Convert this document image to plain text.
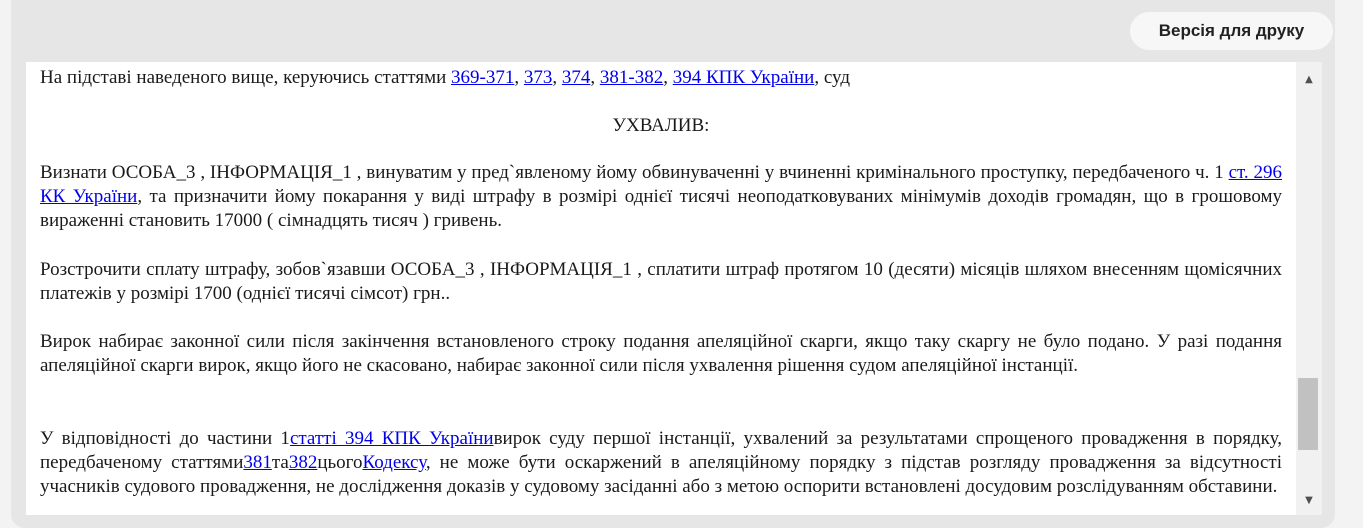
Версія для друку

На підставі наведеного вище, керуючись статтями 369-371, 373, 374, 381-382, 394 КПК України, суд

УХВАЛИВ:

Визнати ОСОБА_3 , ІНФОРМАЦІЯ_1 , винуватим у пред`явленому йому обвинуваченні у вчиненні кримінального проступку, передбаченого ч. 1 ст. 296 КК України, та призначити йому покарання у виді штрафу в розмірі однієї тисячі неоподатковуваних мінімумів доходів громадян, що в грошовому вираженні становить 17000 ( сімнадцять тисяч ) гривень.

Розстрочити сплату штрафу, зобов`язавши ОСОБА_3 , ІНФОРМАЦІЯ_1 , сплатити штраф протягом 10 (десяти) місяців шляхом внесенням щомісячних платежів у розмірі 1700 (однієї тисячі сімсот) грн..

Вирок набирає законної сили після закінчення встановленого строку подання апеляційної скарги, якщо таку скаргу не було подано. У разі подання апеляційної скарги вирок, якщо його не скасовано, набирає законної сили після ухвалення рішення судом апеляційної інстанції.

У відповідності до частини 1статті 394 КПК Українивирок суду першої інстанції, ухвалений за результатами спрощеного провадження в порядку, передбаченому статтями381та382цьогоКодексу, не може бути оскаржений в апеляційному порядку з підстав розгляду провадження за відсутності учасників судового провадження, не дослідження доказів у судовому засіданні або з метою оспорити встановлені досудовим розслідуванням обставини.

▲
▼
